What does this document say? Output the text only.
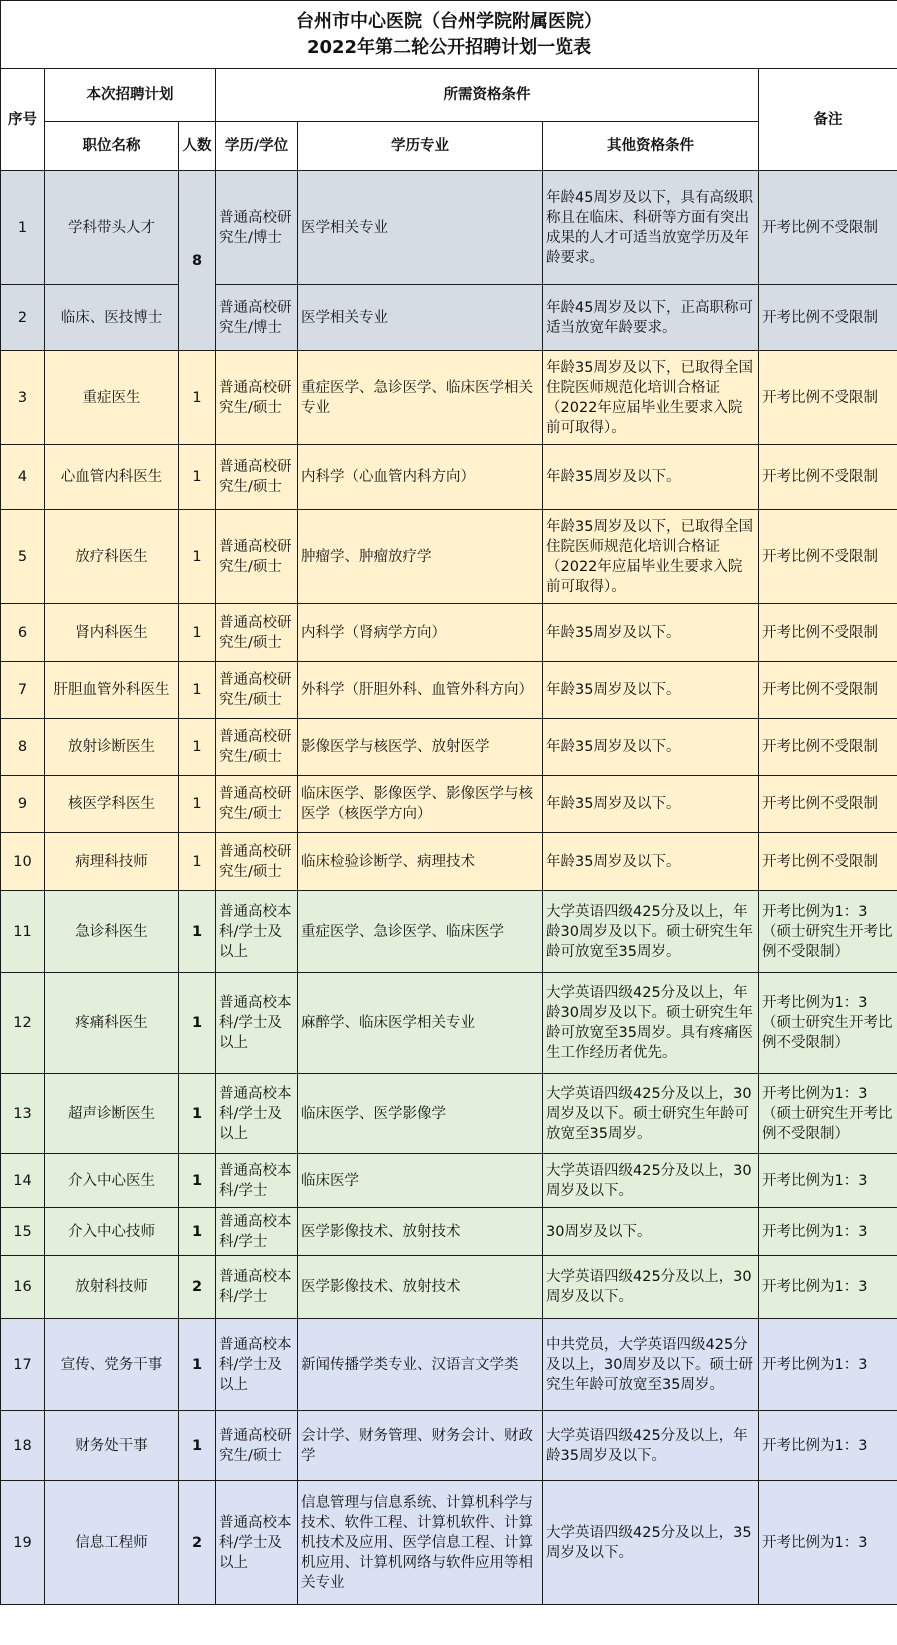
台州市中心医院（台州学院附属医院）
2022年第二轮公开招聘计划一览表						

序号	本次招聘计划		所需资格条件			备注
	职位名称	人数	学历/学位	学历专业	其他资格条件	
1	学科带头人才	8	普通高校研究生/博士	医学相关专业	年龄45周岁及以下，具有高级职称且在临床、科研等方面有突出成果的人才可适当放宽学历及年龄要求。	开考比例不受限制
2	临床、医技博士		普通高校研究生/博士	医学相关专业	年龄45周岁及以下，正高职称可适当放宽年龄要求。	开考比例不受限制
3	重症医生	1	普通高校研究生/硕士	重症医学、急诊医学、临床医学相关专业	年龄35周岁及以下，已取得全国住院医师规范化培训合格证（2022年应届毕业生要求入院前可取得）。	开考比例不受限制
4	心血管内科医生	1	普通高校研究生/硕士	内科学（心血管内科方向）	年龄35周岁及以下。	开考比例不受限制
5	放疗科医生	1	普通高校研究生/硕士	肿瘤学、肿瘤放疗学	年龄35周岁及以下，已取得全国住院医师规范化培训合格证（2022年应届毕业生要求入院前可取得）。	开考比例不受限制
6	肾内科医生	1	普通高校研究生/硕士	内科学（肾病学方向）	年龄35周岁及以下。	开考比例不受限制
7	肝胆血管外科医生	1	普通高校研究生/硕士	外科学（肝胆外科、血管外科方向）	年龄35周岁及以下。	开考比例不受限制
8	放射诊断医生	1	普通高校研究生/硕士	影像医学与核医学、放射医学	年龄35周岁及以下。	开考比例不受限制
9	核医学科医生	1	普通高校研究生/硕士	临床医学、影像医学、影像医学与核医学（核医学方向）	年龄35周岁及以下。	开考比例不受限制
10	病理科技师	1	普通高校研究生/硕士	临床检验诊断学、病理技术	年龄35周岁及以下。	开考比例不受限制
11	急诊科医生	1	普通高校本科/学士及以上	重症医学、急诊医学、临床医学	大学英语四级425分及以上，年龄30周岁及以下。硕士研究生年龄可放宽至35周岁。	开考比例为1：3（硕士研究生开考比例不受限制）
12	疼痛科医生	1	普通高校本科/学士及以上	麻醉学、临床医学相关专业	大学英语四级425分及以上，年龄30周岁及以下。硕士研究生年龄可放宽至35周岁。具有疼痛医生工作经历者优先。	开考比例为1：3（硕士研究生开考比例不受限制）
13	超声诊断医生	1	普通高校本科/学士及以上	临床医学、医学影像学	大学英语四级425分及以上，30周岁及以下。硕士研究生年龄可放宽至35周岁。	开考比例为1：3（硕士研究生开考比例不受限制）
14	介入中心医生	1	普通高校本科/学士	临床医学	大学英语四级425分及以上，30周岁及以下。	开考比例为1：3
15	介入中心技师	1	普通高校本科/学士	医学影像技术、放射技术	30周岁及以下。	开考比例为1：3
16	放射科技师	2	普通高校本科/学士	医学影像技术、放射技术	大学英语四级425分及以上，30周岁及以下。	开考比例为1：3
17	宣传、党务干事	1	普通高校本科/学士及以上	新闻传播学类专业、汉语言文学类	中共党员，大学英语四级425分及以上，30周岁及以下。硕士研究生年龄可放宽至35周岁。	开考比例为1：3
18	财务处干事	1	普通高校研究生/硕士	会计学、财务管理、财务会计、财政学	大学英语四级425分及以上，年龄35周岁及以下。	开考比例为1：3
19	信息工程师	2	普通高校本科/学士及以上	信息管理与信息系统、计算机科学与技术、软件工程、计算机软件、计算机技术及应用、医学信息工程、计算机应用、计算机网络与软件应用等相关专业	大学英语四级425分及以上，35周岁及以下。	开考比例为1：3
